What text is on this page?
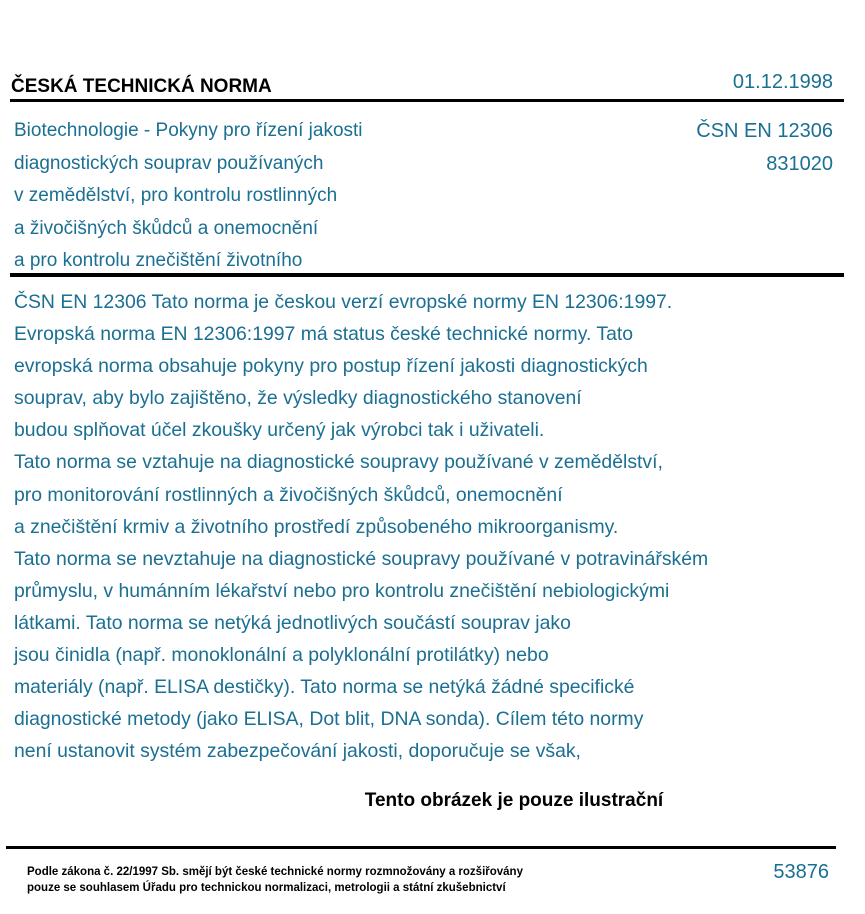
ČESKÁ TECHNICKÁ NORMA	01.12.1998
Biotechnologie - Pokyny pro řízení jakosti
diagnostických souprav používaných
v zemědělství, pro kontrolu rostlinných
a živočišných škůdců a onemocnění
a pro kontrolu znečištění životního
ČSN EN 12306
831020
ČSN EN 12306 Tato norma je českou verzí evropské normy EN 12306:1997.
Evropská norma EN 12306:1997 má status české technické normy. Tato
evropská norma obsahuje pokyny pro postup řízení jakosti diagnostických
souprav, aby bylo zajištěno, že výsledky diagnostického stanovení
budou splňovat účel zkoušky určený jak výrobci tak i uživateli.
Tato norma se vztahuje na diagnostické soupravy používané v zemědělství,
pro monitorování rostlinných a živočišných škůdců, onemocnění
a znečištění krmiv a životního prostředí způsobeného mikroorganismy.
Tato norma se nevztahuje na diagnostické soupravy používané v potravinářském
průmyslu, v humánním lékařství nebo pro kontrolu znečištění nebiologickými
látkami. Tato norma se netýká jednotlivých součástí souprav jako
jsou činidla (např. monoklonální a polyklonální protilátky) nebo
materiály (např. ELISA destičky). Tato norma se netýká žádné specifické
diagnostické metody (jako ELISA, Dot blit, DNA sonda). Cílem této normy
není ustanovit systém zabezpečování jakosti, doporučuje se však,
Tento obrázek je pouze ilustrační
Podle zákona č. 22/1997 Sb. smějí být české technické normy rozmnožovány a rozšiřovány
pouze se souhlasem Úřadu pro technickou normalizaci, metrologii a státní zkušebnictví
53876
